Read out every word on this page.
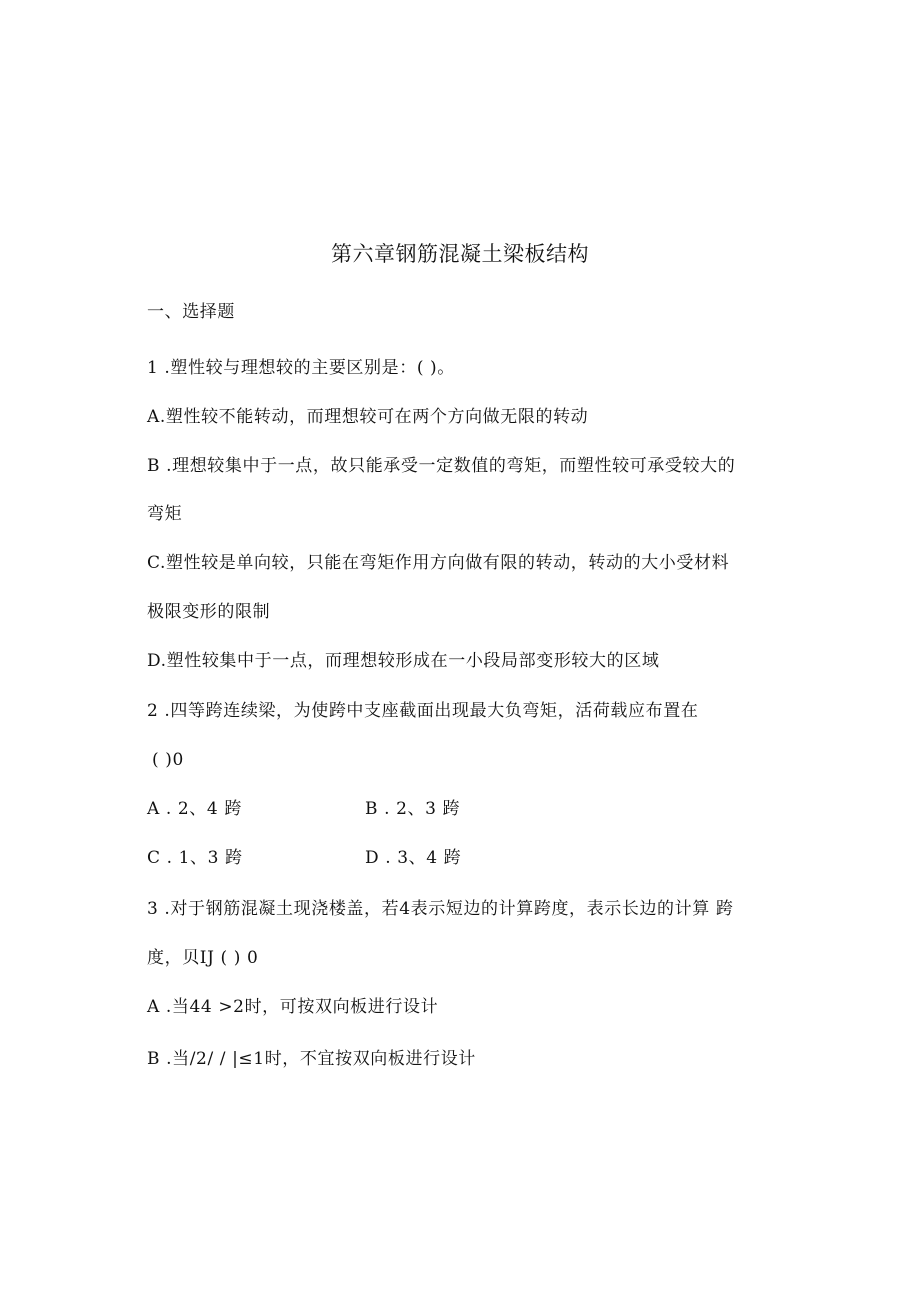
第六章钢筋混凝土梁板结构
一、选择题
1 .塑性较与理想较的主要区别是：( )。
A.塑性较不能转动，而理想较可在两个方向做无限的转动
B .理想较集中于一点，故只能承受一定数值的弯矩，而塑性较可承受较大的
弯矩
C.塑性较是单向较，只能在弯矩作用方向做有限的转动，转动的大小受材料
极限变形的限制
D.塑性较集中于一点，而理想较形成在一小段局部变形较大的区域
2 .四等跨连续梁，为使跨中支座截面出现最大负弯矩，活荷载应布置在
( )0
A . 2、4 跨	B . 2、3 跨
C . 1、3 跨	D . 3、4 跨
3 .对于钢筋混凝土现浇楼盖，若4表示短边的计算跨度，表示长边的计算 跨
度，贝IJ ( ) 0
A .当44 >2时，可按双向板进行设计
B .当/2/ / |≤1时，不宜按双向板进行设计
